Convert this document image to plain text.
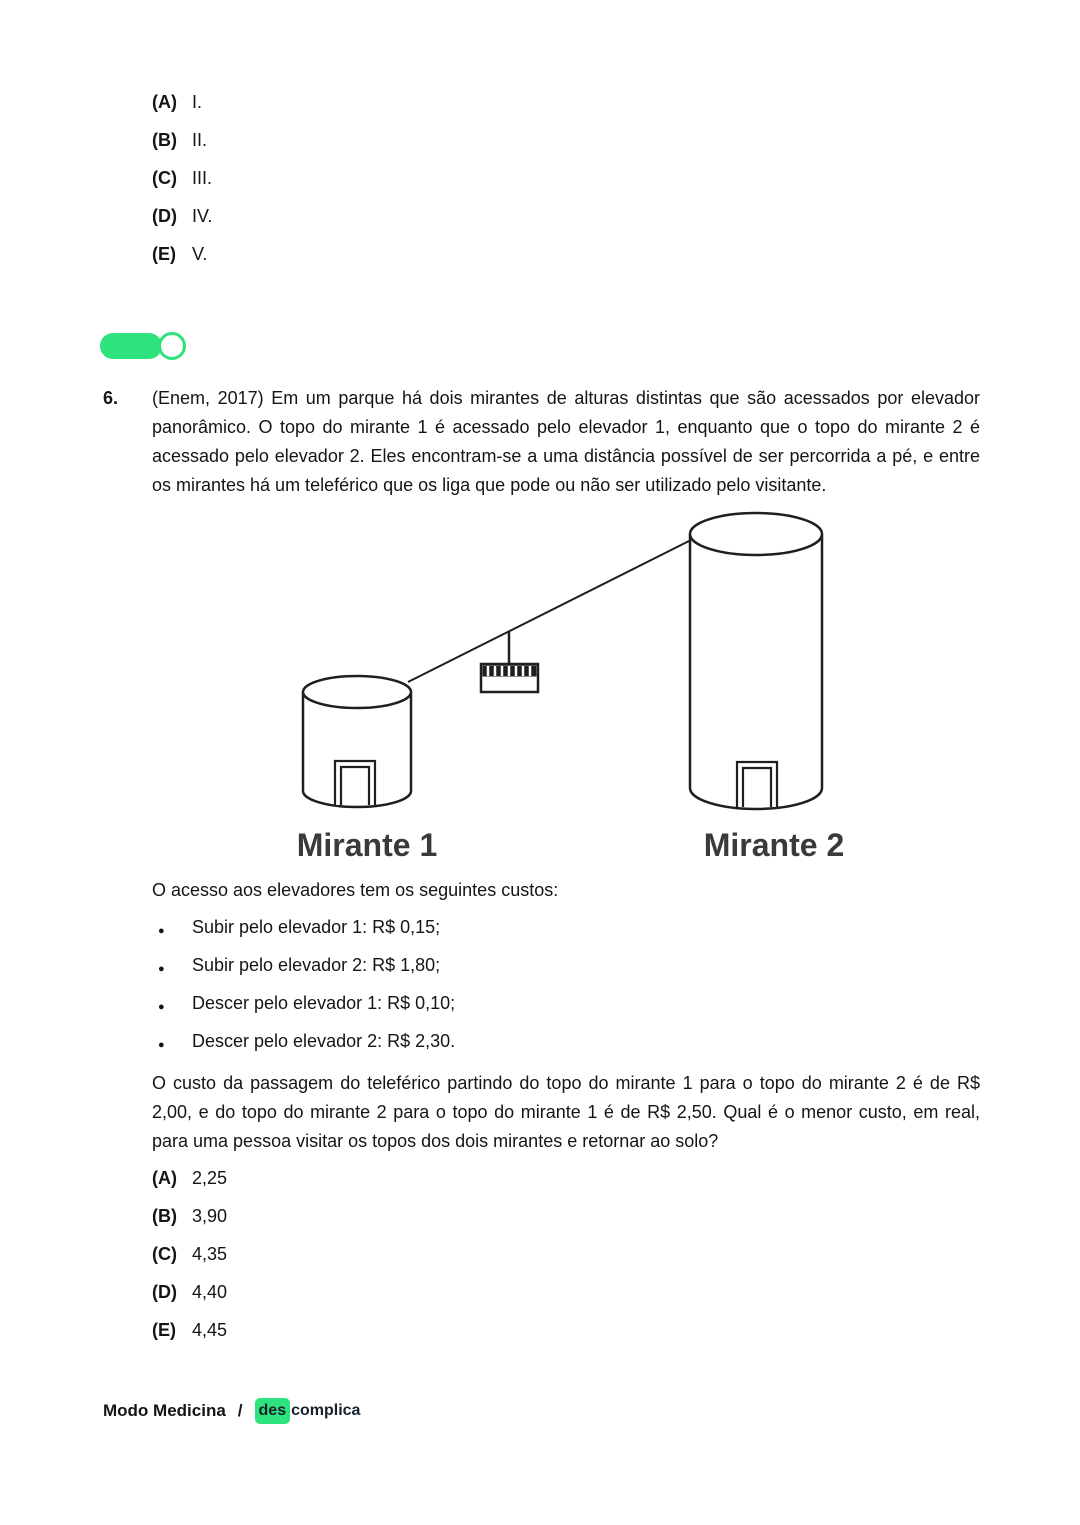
(A) I.
(B) II.
(C) III.
(D) IV.
(E) V.
6.	(Enem, 2017) Em um parque há dois mirantes de alturas distintas que são acessados por elevador panorâmico. O topo do mirante 1 é acessado pelo elevador 1, enquanto que o topo do mirante 2 é acessado pelo elevador 2. Eles encontram-se a uma distância possível de ser percorrida a pé, e entre os mirantes há um teleférico que os liga que pode ou não ser utilizado pelo visitante.

Mirante 1	Mirante 2

O acesso aos elevadores tem os seguintes custos:

● Subir pelo elevador 1: R$ 0,15;
● Subir pelo elevador 2: R$ 1,80;
● Descer pelo elevador 1: R$ 0,10;
● Descer pelo elevador 2: R$ 2,30.

O custo da passagem do teleférico partindo do topo do mirante 1 para o topo do mirante 2 é de R$ 2,00, e do topo do mirante 2 para o topo do mirante 1 é de R$ 2,50. Qual é o menor custo, em real, para uma pessoa visitar os topos dos dois mirantes e retornar ao solo?

(A) 2,25
(B) 3,90
(C) 4,35
(D) 4,40
(E) 4,45
Modo Medicina / des complica
